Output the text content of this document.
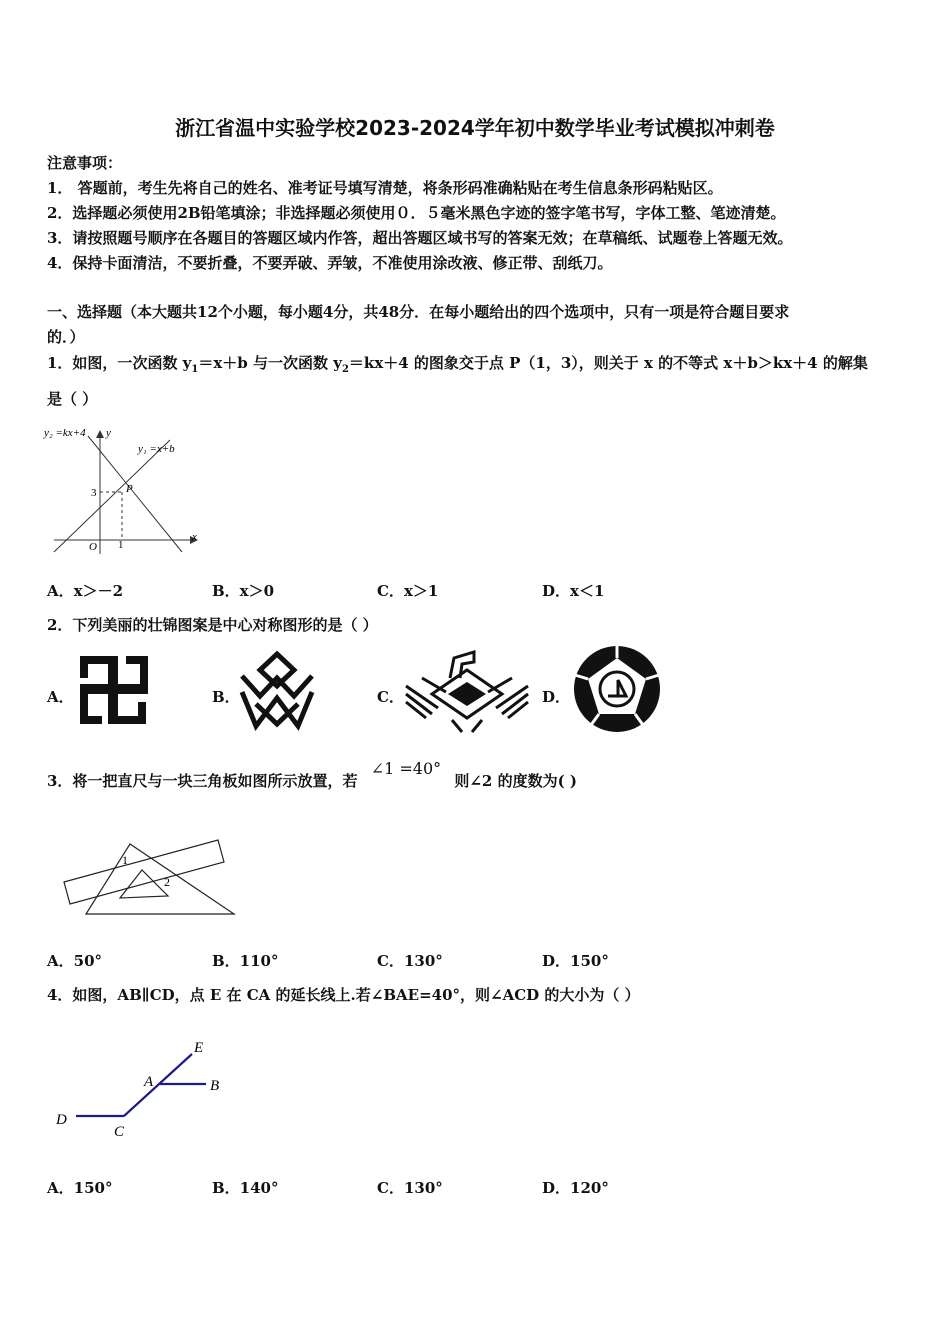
浙江省温中实验学校2023-2024学年初中数学毕业考试模拟冲刺卷
注意事项：
1． 答题前，考生先将自己的姓名、准考证号填写清楚，将条形码准确粘贴在考生信息条形码粘贴区。
2．选择题必须使用2B铅笔填涂；非选择题必须使用０．５毫米黑色字迹的签字笔书写，字体工整、笔迹清楚。
3．请按照题号顺序在各题目的答题区域内作答，超出答题区域书写的答案无效；在草稿纸、试题卷上答题无效。
4．保持卡面清洁，不要折叠，不要弄破、弄皱，不准使用涂改液、修正带、刮纸刀。
一、选择题（本大题共12个小题，每小题4分，共48分．在每小题给出的四个选项中，只有一项是符合题目要求
的．）
1．如图，一次函数 $y_1=x+b$ 与一次函数 $y_2=kx+4$ 的图象交于点 P（1，3），则关于 x 的不等式 x＋b＞kx＋4 的解集
是（ ）
y₂ =kx+4 y
y₁ =x+b
P
3
O 1
x
A．x＞－2	B．x＞0	C．x＞1	D．x＜1
2．下列美丽的壮锦图案是中心对称图形的是（ ）
A．	B．	C．	D．
3．将一把直尺与一块三角板如图所示放置，若 ∠1 =40° 则∠2 的度数为( )
1
2
A．50°	B．110°	C．130°	D．150°
4．如图，AB∥CD，点 E 在 CA 的延长线上.若∠BAE=40°，则∠ACD 的大小为（ ）
E
A	B
D
C
A．150°	B．140°	C．130°	D．120°
